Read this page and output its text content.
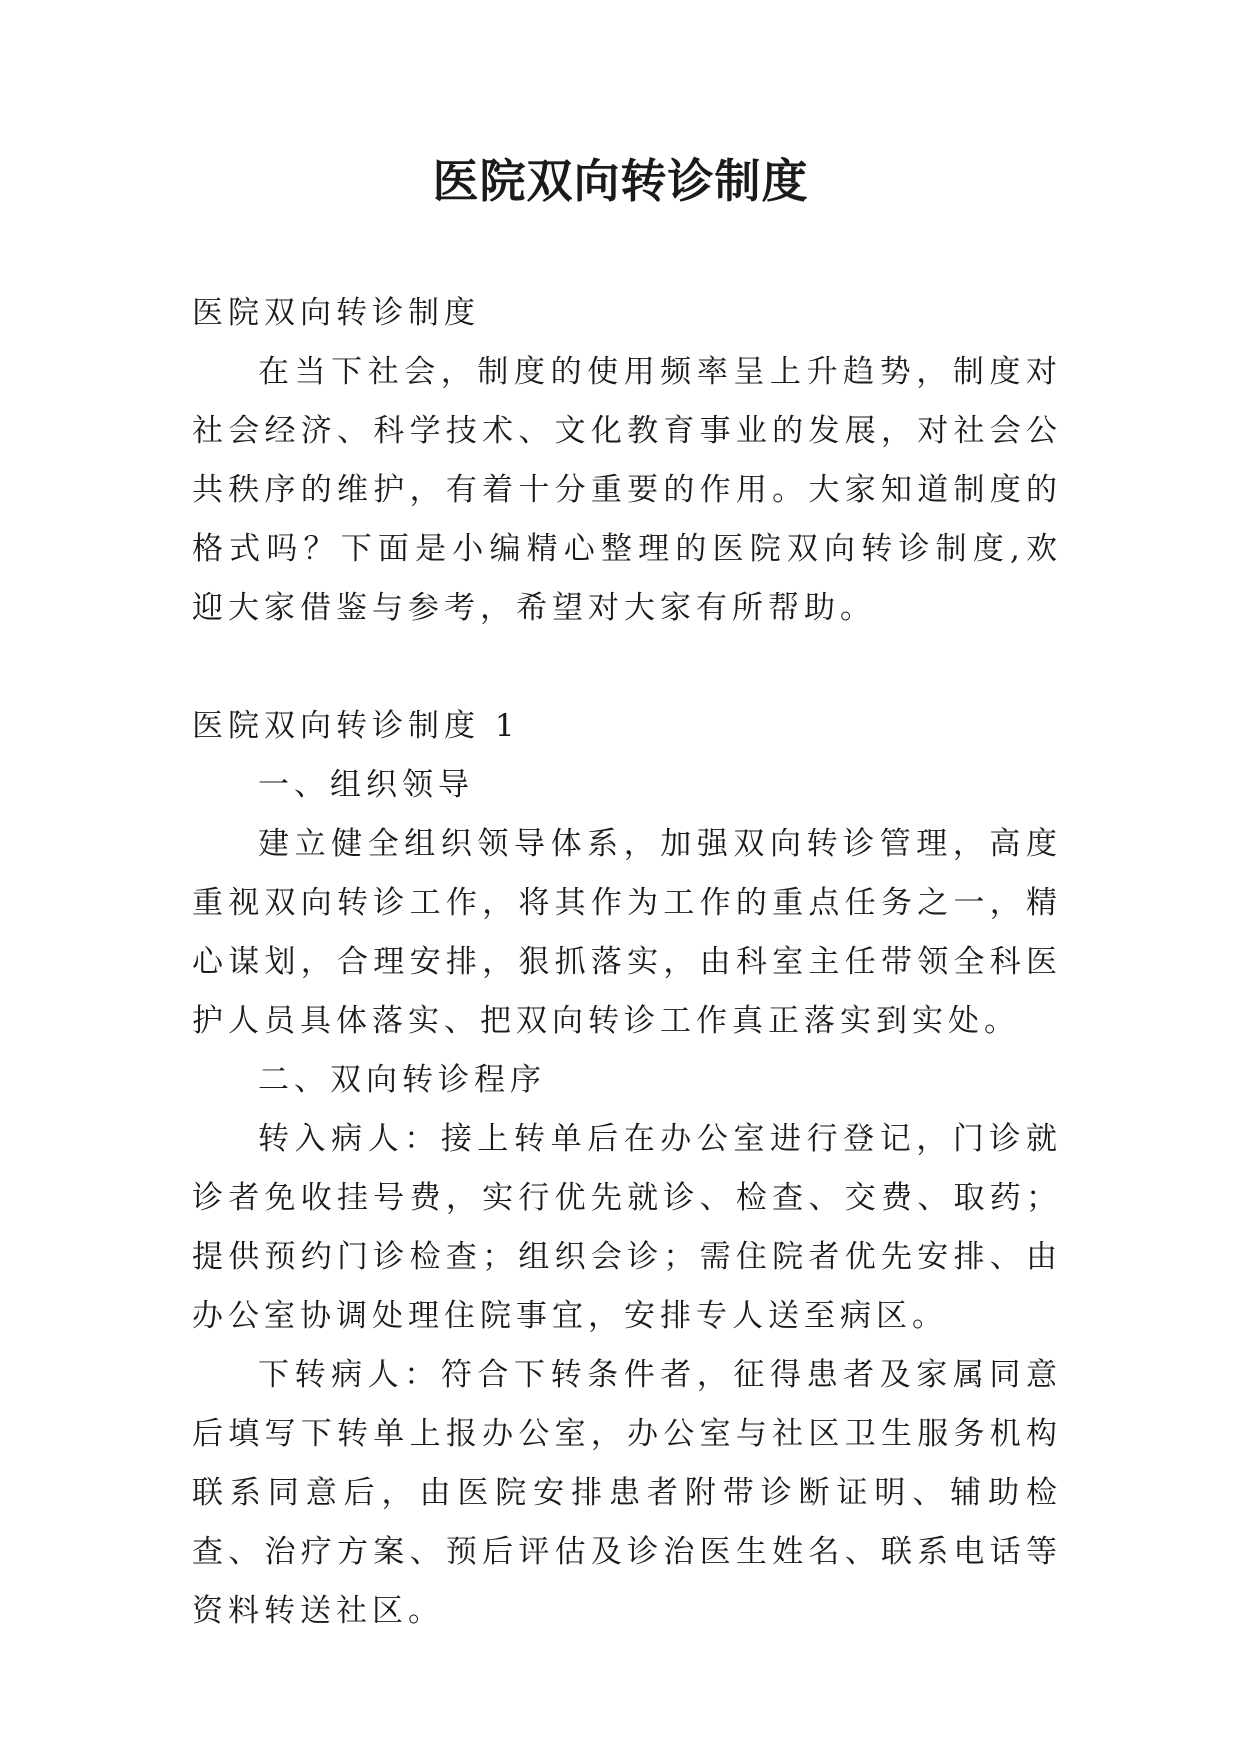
医院双向转诊制度

医院双向转诊制度

在当下社会，制度的使用频率呈上升趋势，制度对社会经济、科学技术、文化教育事业的发展，对社会公共秩序的维护，有着十分重要的作用。大家知道制度的格式吗？下面是小编精心整理的医院双向转诊制度,欢迎大家借鉴与参考，希望对大家有所帮助。

医院双向转诊制度 1

一、组织领导

建立健全组织领导体系，加强双向转诊管理，高度重视双向转诊工作，将其作为工作的重点任务之一，精心谋划，合理安排，狠抓落实，由科室主任带领全科医护人员具体落实、把双向转诊工作真正落实到实处。

二、双向转诊程序

转入病人：接上转单后在办公室进行登记，门诊就诊者免收挂号费，实行优先就诊、检查、交费、取药；提供预约门诊检查；组织会诊；需住院者优先安排、由办公室协调处理住院事宜，安排专人送至病区。

下转病人：符合下转条件者，征得患者及家属同意后填写下转单上报办公室，办公室与社区卫生服务机构联系同意后，由医院安排患者附带诊断证明、辅助检查、治疗方案、预后评估及诊治医生姓名、联系电话等资料转送社区。
